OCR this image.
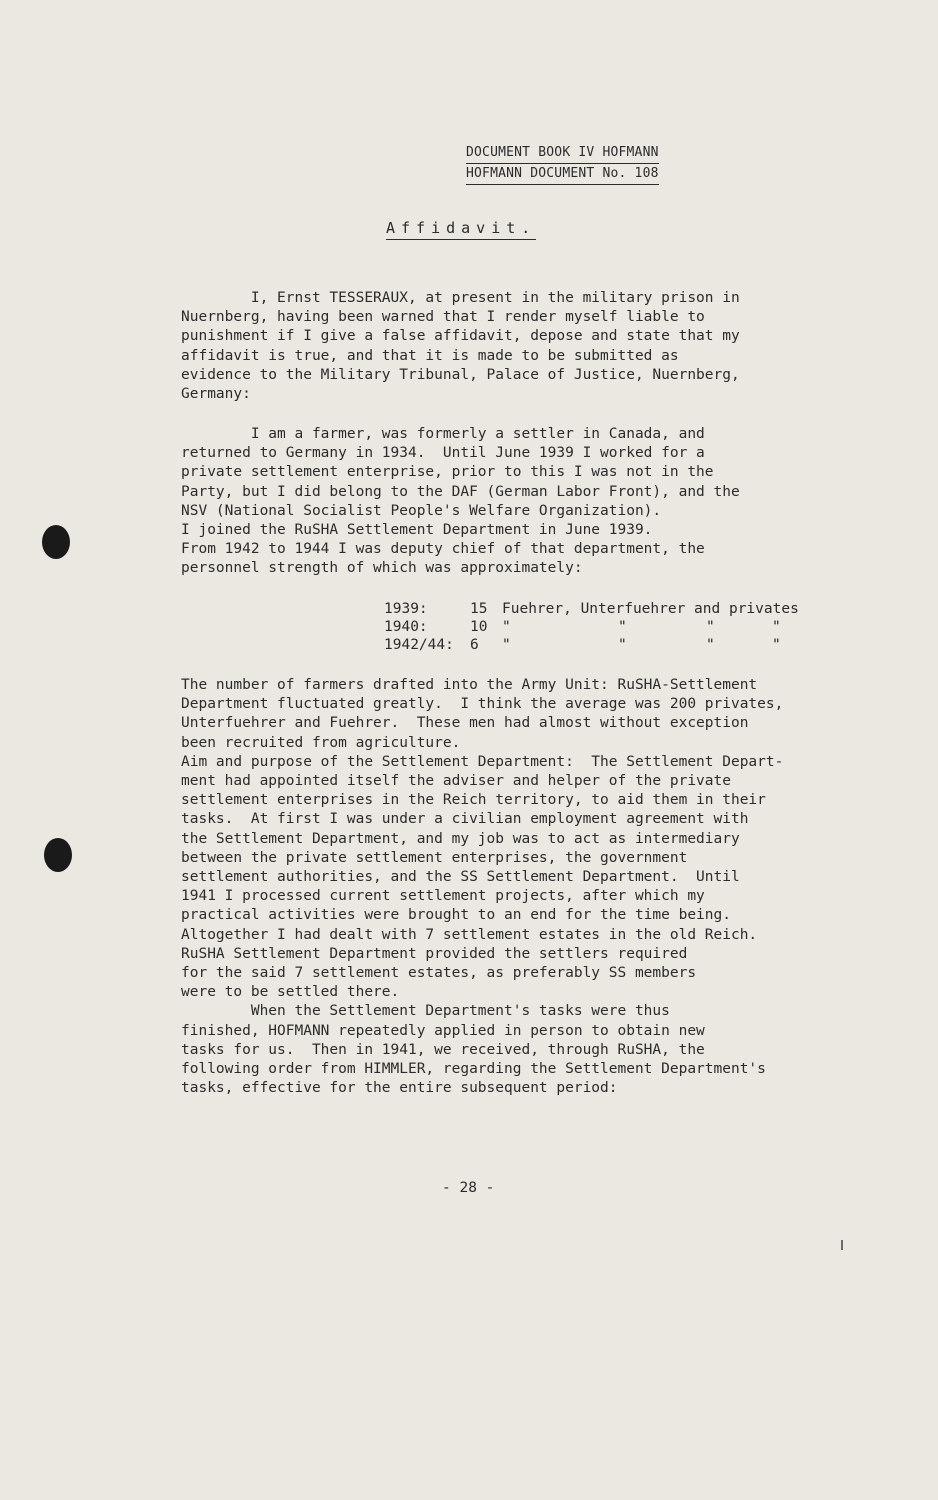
DOCUMENT BOOK IV HOFMANN
HOFMANN DOCUMENT No. 108
Affidavit.
I, Ernst TESSERAUX, at present in the military prison in
Nuernberg, having been warned that I render myself liable to
punishment if I give a false affidavit, depose and state that my
affidavit is true, and that it is made to be submitted as
evidence to the Military Tribunal, Palace of Justice, Nuernberg,
Germany:
I am a farmer, was formerly a settler in Canada, and
returned to Germany in 1934.  Until June 1939 I worked for a
private settlement enterprise, prior to this I was not in the
Party, but I did belong to the DAF (German Labor Front), and the
NSV (National Socialist People's Welfare Organization).
I joined the RuSHA Settlement Department in June 1939.
From 1942 to 1944 I was deputy chief of that department, the
personnel strength of which was approximately:
1939:	15	Fuehrer, Unterfuehrer and privates
1940:	10	"	"	"	"
1942/44:	6	"	"	"	"
The number of farmers drafted into the Army Unit: RuSHA-Settlement
Department fluctuated greatly.  I think the average was 200 privates,
Unterfuehrer and Fuehrer.  These men had almost without exception
been recruited from agriculture.
Aim and purpose of the Settlement Department:  The Settlement Depart-
ment had appointed itself the adviser and helper of the private
settlement enterprises in the Reich territory, to aid them in their
tasks.  At first I was under a civilian employment agreement with
the Settlement Department, and my job was to act as intermediary
between the private settlement enterprises, the government
settlement authorities, and the SS Settlement Department.  Until
1941 I processed current settlement projects, after which my
practical activities were brought to an end for the time being.
Altogether I had dealt with 7 settlement estates in the old Reich.
RuSHA Settlement Department provided the settlers required
for the said 7 settlement estates, as preferably SS members
were to be settled there.
When the Settlement Department's tasks were thus
finished, HOFMANN repeatedly applied in person to obtain new
tasks for us.  Then in 1941, we received, through RuSHA, the
following order from HIMMLER, regarding the Settlement Department's
tasks, effective for the entire subsequent period:
- 28 -
